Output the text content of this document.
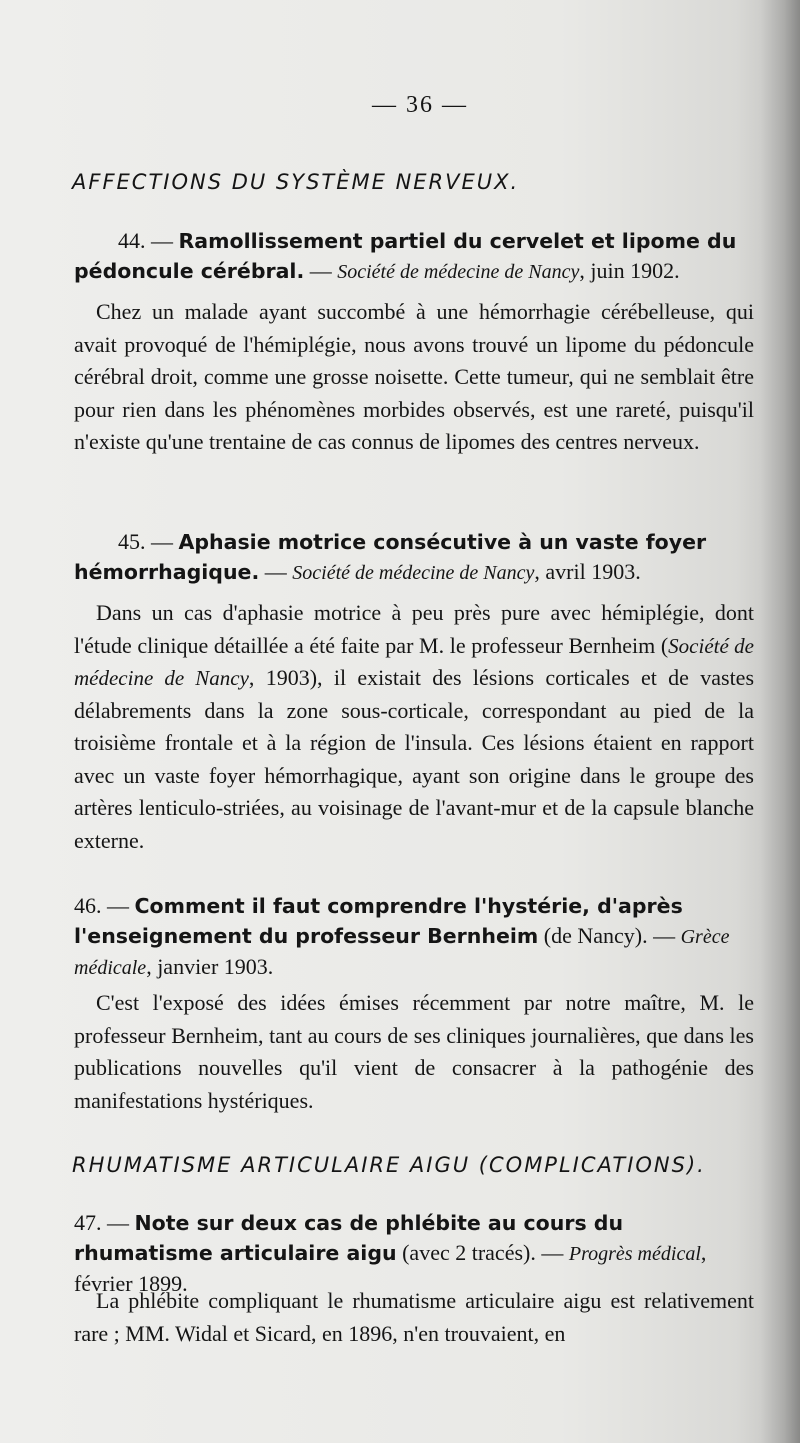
— 36 —
AFFECTIONS DU SYSTÈME NERVEUX.
44. — Ramollissement partiel du cervelet et lipome du pédoncule cérébral. — Société de médecine de Nancy, juin 1902.
Chez un malade ayant succombé à une hémorrhagie cérébelleuse, qui avait provoqué de l'hémiplégie, nous avons trouvé un lipome du pédoncule cérébral droit, comme une grosse noisette. Cette tumeur, qui ne semblait être pour rien dans les phénomènes morbides observés, est une rareté, puisqu'il n'existe qu'une trentaine de cas connus de lipomes des centres nerveux.
45. — Aphasie motrice consécutive à un vaste foyer hémorrhagique. — Société de médecine de Nancy, avril 1903.
Dans un cas d'aphasie motrice à peu près pure avec hémiplégie, dont l'étude clinique détaillée a été faite par M. le professeur Bernheim (Société de médecine de Nancy, 1903), il existait des lésions corticales et de vastes délabrements dans la zone sous-corticale, correspondant au pied de la troisième frontale et à la région de l'insula. Ces lésions étaient en rapport avec un vaste foyer hémorrhagique, ayant son origine dans le groupe des artères lenticulo-striées, au voisinage de l'avant-mur et de la capsule blanche externe.
46. — Comment il faut comprendre l'hystérie, d'après l'enseignement du professeur Bernheim (de Nancy). — Grèce médicale, janvier 1903.
C'est l'exposé des idées émises récemment par notre maître, M. le professeur Bernheim, tant au cours de ses cliniques journalières, que dans les publications nouvelles qu'il vient de consacrer à la pathogénie des manifestations hystériques.
RHUMATISME ARTICULAIRE AIGU (COMPLICATIONS).
47. — Note sur deux cas de phlébite au cours du rhumatisme articulaire aigu (avec 2 tracés). — Progrès médical, février 1899.
La phlébite compliquant le rhumatisme articulaire aigu est relativement rare ; MM. Widal et Sicard, en 1896, n'en trouvaient, en
